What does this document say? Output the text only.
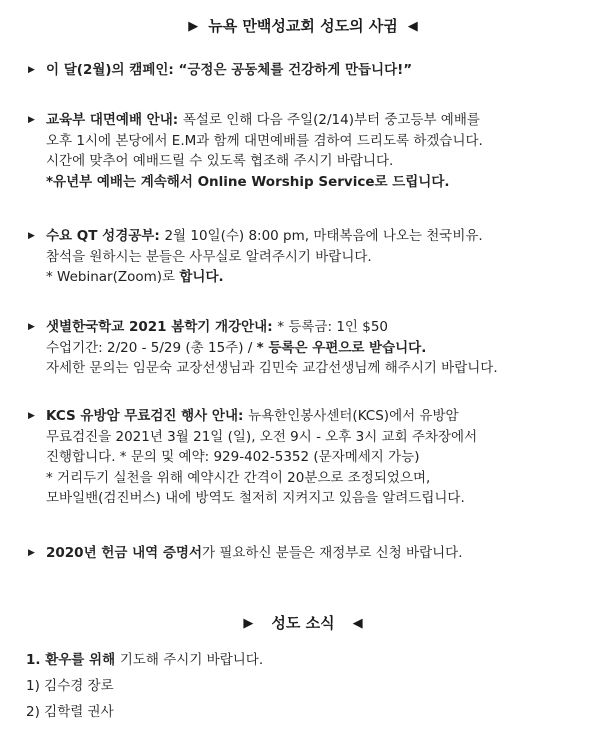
▶ 뉴욕 만백성교회 성도의 사귐 ◀
▶ 이 달(2월)의 캠페인: “긍정은 공동체를 건강하게 만듭니다!”
▶ 교육부 대면예배 안내: 폭설로 인해 다음 주일(2/14)부터 중고등부 예배를
오후 1시에 본당에서 E.M과 함께 대면예배를 겸하여 드리도록 하겠습니다.
시간에 맞추어 예배드릴 수 있도록 협조해 주시기 바랍니다.
*유년부 예배는 계속해서 Online Worship Service로 드립니다.
▶ 수요 QT 성경공부: 2월 10일(수) 8:00 pm, 마태복음에 나오는 천국비유.
참석을 원하시는 분들은 사무실로 알려주시기 바랍니다.
* Webinar(Zoom)로 합니다.
▶ 샛별한국학교 2021 봄학기 개강안내: * 등록금: 1인 $50
수업기간: 2/20 - 5/29 (총 15주) / * 등록은 우편으로 받습니다.
자세한 문의는 임문숙 교장선생님과 김민숙 교감선생님께 해주시기 바랍니다.
▶ KCS 유방암 무료검진 행사 안내: 뉴욕한인봉사센터(KCS)에서 유방암
무료검진을 2021년 3월 21일 (일), 오전 9시 - 오후 3시 교회 주차장에서
진행합니다. * 문의 및 예약: 929-402-5352 (문자메세지 가능)
* 거리두기 실천을 위해 예약시간 간격이 20분으로 조정되었으며,
모바일밴(검진버스) 내에 방역도 철저히 지켜지고 있음을 알려드립니다.
▶ 2020년 헌금 내역 증명서가 필요하신 분들은 재정부로 신청 바랍니다.
▶ 성도 소식 ◀
1. 환우를 위해 기도해 주시기 바랍니다.
1) 김수경 장로
2) 김학렬 권사
